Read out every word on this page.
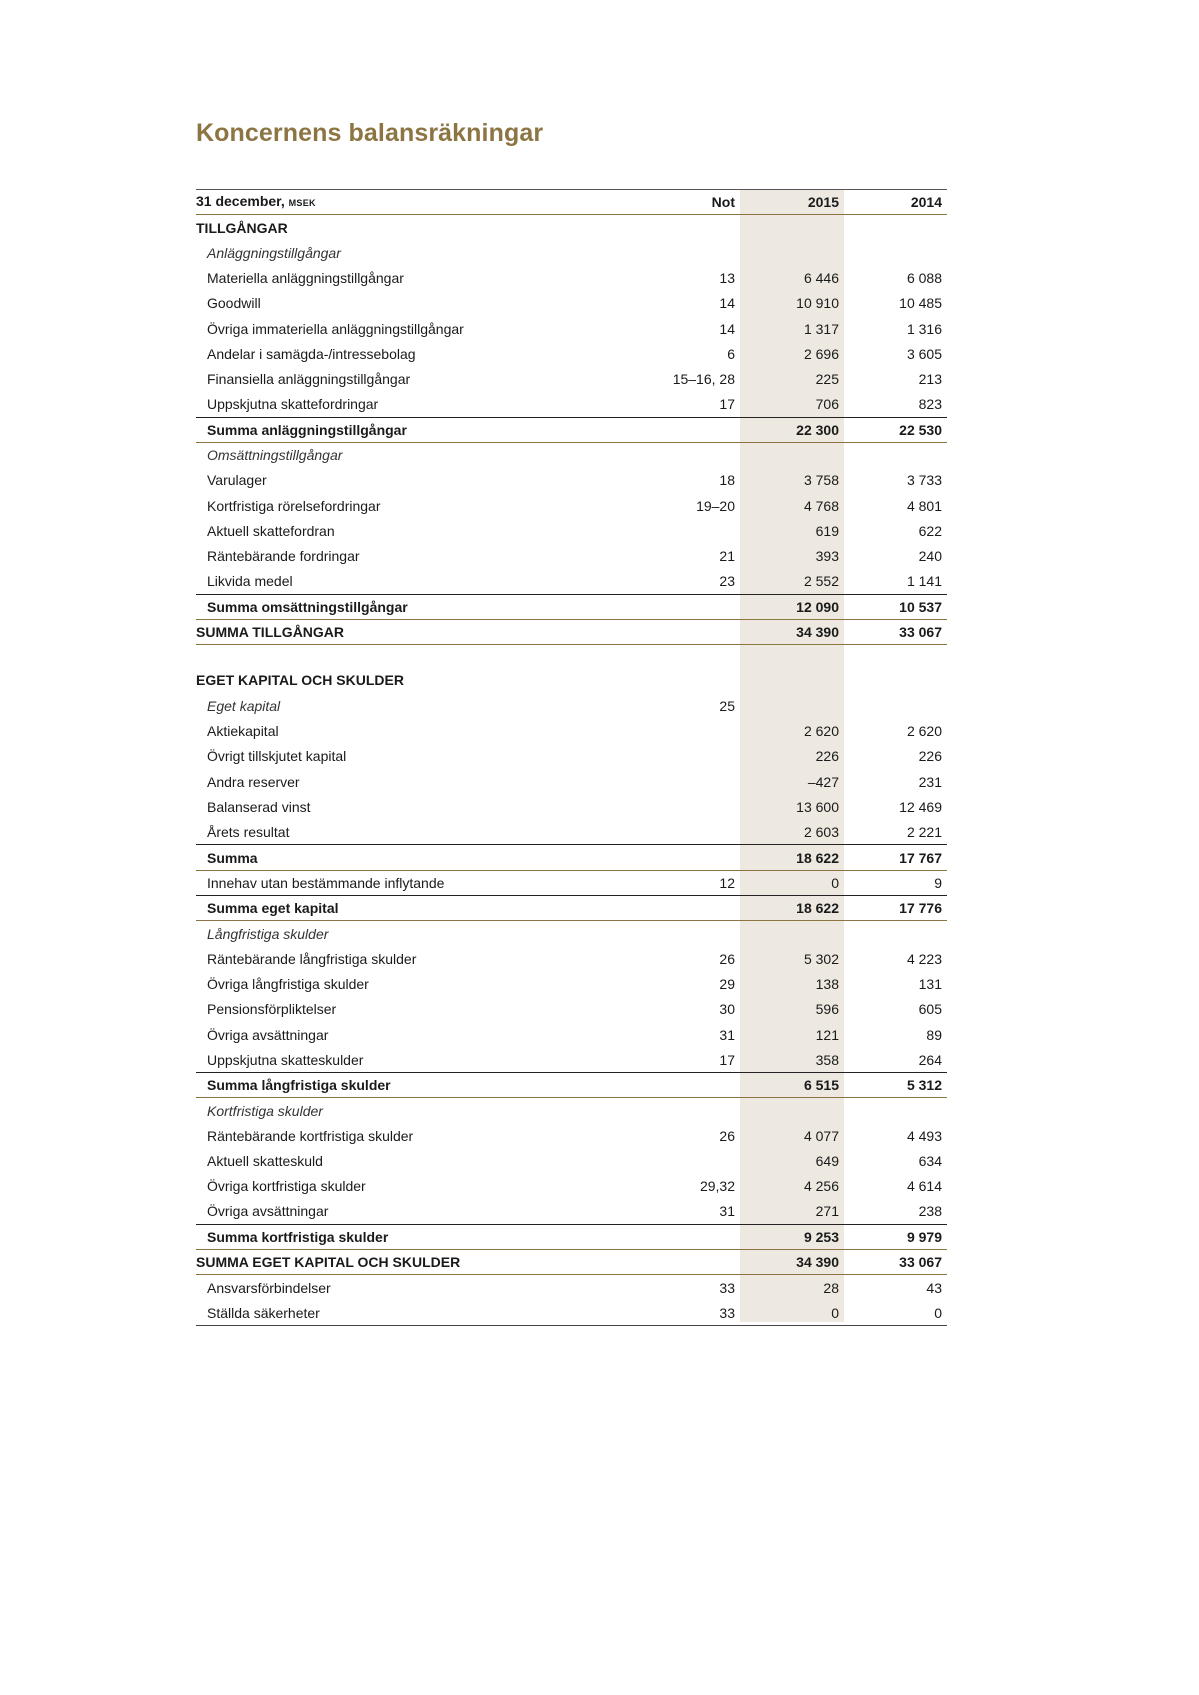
Koncernens balansräkningar
31 december, MSEK	Not	2015	2014
TILLGÅNGAR			
Anläggningstillgångar			
Materiella anläggningstillgångar	13	6 446	6 088
Goodwill	14	10 910	10 485
Övriga immateriella anläggningstillgångar	14	1 317	1 316
Andelar i samägda-/intressebolag	6	2 696	3 605
Finansiella anläggningstillgångar	15–16, 28	225	213
Uppskjutna skattefordringar	17	706	823
Summa anläggningstillgångar		22 300	22 530
Omsättningstillgångar			
Varulager	18	3 758	3 733
Kortfristiga rörelsefordringar	19–20	4 768	4 801
Aktuell skattefordran		619	622
Räntebärande fordringar	21	393	240
Likvida medel	23	2 552	1 141
Summa omsättningstillgångar		12 090	10 537
SUMMA TILLGÅNGAR		34 390	33 067

EGET KAPITAL OCH SKULDER			
Eget kapital	25		
Aktiekapital		2 620	2 620
Övrigt tillskjutet kapital		226	226
Andra reserver		–427	231
Balanserad vinst		13 600	12 469
Årets resultat		2 603	2 221
Summa		18 622	17 767
Innehav utan bestämmande inflytande	12	0	9
Summa eget kapital		18 622	17 776
Långfristiga skulder			
Räntebärande långfristiga skulder	26	5 302	4 223
Övriga långfristiga skulder	29	138	131
Pensionsförpliktelser	30	596	605
Övriga avsättningar	31	121	89
Uppskjutna skatteskulder	17	358	264
Summa långfristiga skulder		6 515	5 312
Kortfristiga skulder			
Räntebärande kortfristiga skulder	26	4 077	4 493
Aktuell skatteskuld		649	634
Övriga kortfristiga skulder	29,32	4 256	4 614
Övriga avsättningar	31	271	238
Summa kortfristiga skulder		9 253	9 979
SUMMA EGET KAPITAL OCH SKULDER		34 390	33 067
Ansvarsförbindelser	33	28	43
Ställda säkerheter	33	0	0
